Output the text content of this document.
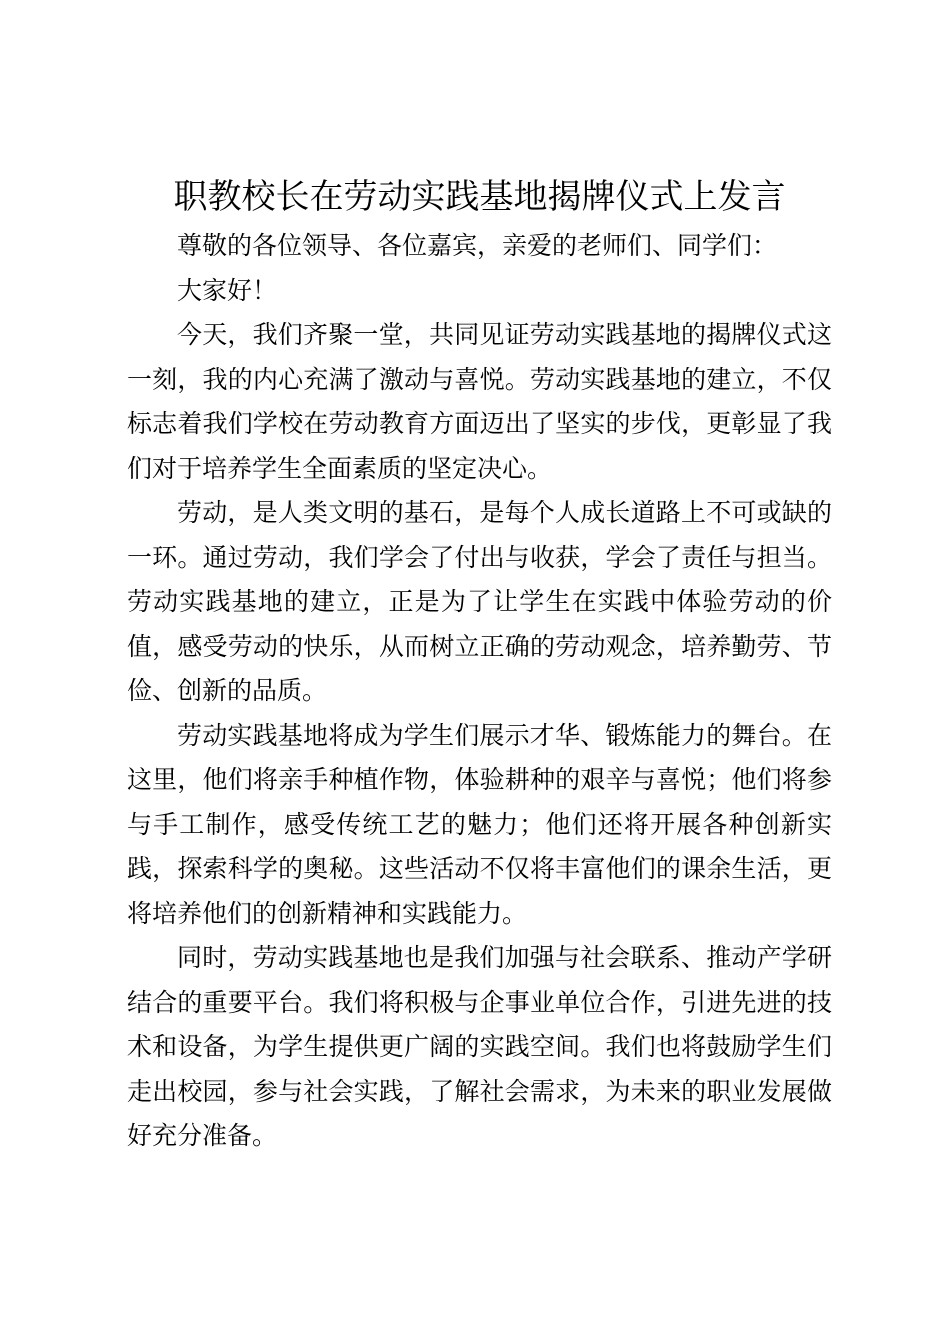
职教校长在劳动实践基地揭牌仪式上发言

尊敬的各位领导、各位嘉宾，亲爱的老师们、同学们：

大家好！

今天，我们齐聚一堂，共同见证劳动实践基地的揭牌仪式这一刻，我的内心充满了激动与喜悦。劳动实践基地的建立，不仅标志着我们学校在劳动教育方面迈出了坚实的步伐，更彰显了我们对于培养学生全面素质的坚定决心。

劳动，是人类文明的基石，是每个人成长道路上不可或缺的一环。通过劳动，我们学会了付出与收获，学会了责任与担当。劳动实践基地的建立，正是为了让学生在实践中体验劳动的价值，感受劳动的快乐，从而树立正确的劳动观念，培养勤劳、节俭、创新的品质。

劳动实践基地将成为学生们展示才华、锻炼能力的舞台。在这里，他们将亲手种植作物，体验耕种的艰辛与喜悦；他们将参与手工制作，感受传统工艺的魅力；他们还将开展各种创新实践，探索科学的奥秘。这些活动不仅将丰富他们的课余生活，更将培养他们的创新精神和实践能力。

同时，劳动实践基地也是我们加强与社会联系、推动产学研结合的重要平台。我们将积极与企事业单位合作，引进先进的技术和设备，为学生提供更广阔的实践空间。我们也将鼓励学生们走出校园，参与社会实践，了解社会需求，为未来的职业发展做好充分准备。
